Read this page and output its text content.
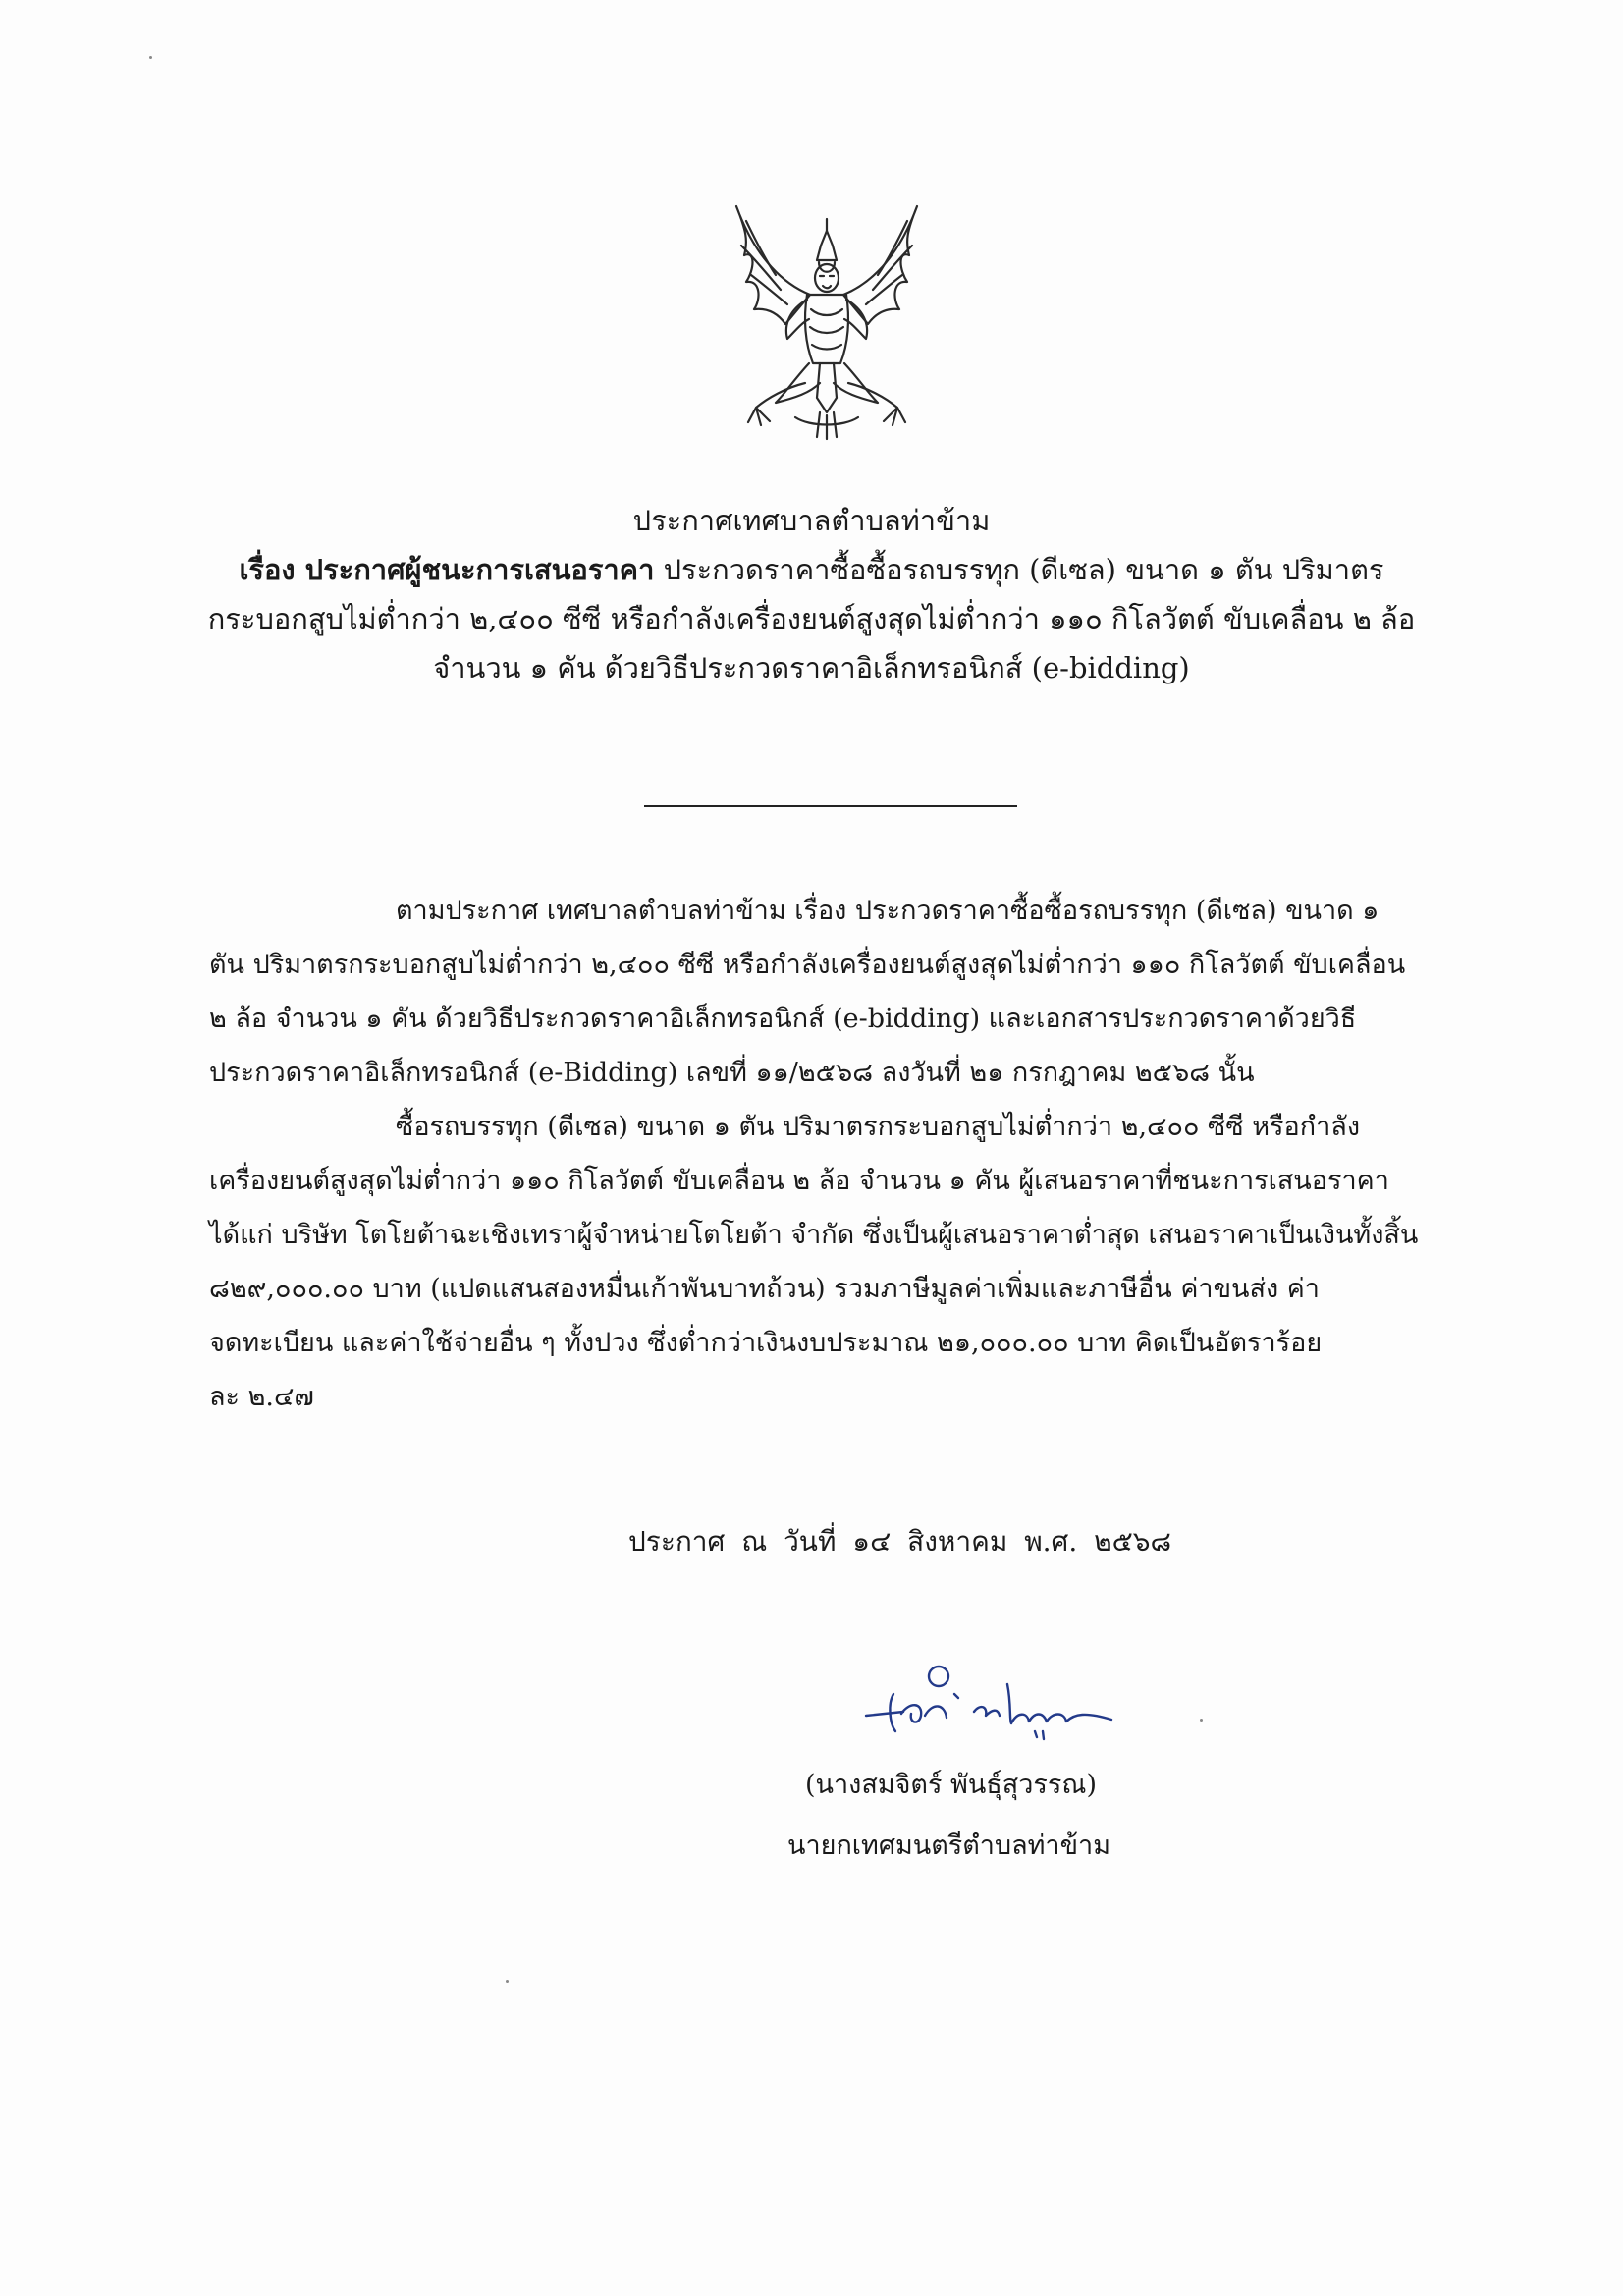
ประกาศเทศบาลตำบลท่าข้าม
เรื่อง ประกาศผู้ชนะการเสนอราคา ประกวดราคาซื้อซื้อรถบรรทุก (ดีเซล) ขนาด ๑ ตัน ปริมาตร
กระบอกสูบไม่ต่ำกว่า ๒,๔๐๐ ซีซี หรือกำลังเครื่องยนต์สูงสุดไม่ต่ำกว่า ๑๑๐ กิโลวัตต์ ขับเคลื่อน ๒ ล้อ
จำนวน ๑ คัน ด้วยวิธีประกวดราคาอิเล็กทรอนิกส์ (e-bidding)
ตามประกาศ เทศบาลตำบลท่าข้าม เรื่อง ประกวดราคาซื้อซื้อรถบรรทุก (ดีเซล) ขนาด ๑
ตัน ปริมาตรกระบอกสูบไม่ต่ำกว่า ๒,๔๐๐ ซีซี หรือกำลังเครื่องยนต์สูงสุดไม่ต่ำกว่า ๑๑๐ กิโลวัตต์ ขับเคลื่อน
๒ ล้อ จำนวน ๑ คัน ด้วยวิธีประกวดราคาอิเล็กทรอนิกส์ (e-bidding) และเอกสารประกวดราคาด้วยวิธี
ประกวดราคาอิเล็กทรอนิกส์ (e-Bidding) เลขที่ ๑๑/๒๕๖๘ ลงวันที่ ๒๑ กรกฎาคม ๒๕๖๘ นั้น
ซื้อรถบรรทุก (ดีเซล) ขนาด ๑ ตัน ปริมาตรกระบอกสูบไม่ต่ำกว่า ๒,๔๐๐ ซีซี หรือกำลัง
เครื่องยนต์สูงสุดไม่ต่ำกว่า ๑๑๐ กิโลวัตต์ ขับเคลื่อน ๒ ล้อ จำนวน ๑ คัน ผู้เสนอราคาที่ชนะการเสนอราคา
ได้แก่ บริษัท โตโยต้าฉะเชิงเทราผู้จำหน่ายโตโยต้า จำกัด ซึ่งเป็นผู้เสนอราคาต่ำสุด เสนอราคาเป็นเงินทั้งสิ้น
๘๒๙,๐๐๐.๐๐ บาท (แปดแสนสองหมื่นเก้าพันบาทถ้วน) รวมภาษีมูลค่าเพิ่มและภาษีอื่น ค่าขนส่ง ค่า
จดทะเบียน และค่าใช้จ่ายอื่น ๆ ทั้งปวง ซึ่งต่ำกว่าเงินงบประมาณ ๒๑,๐๐๐.๐๐ บาท คิดเป็นอัตราร้อย
ละ ๒.๔๗
ประกาศ ณ วันที่ ๑๔ สิงหาคม พ.ศ. ๒๕๖๘
(นางสมจิตร์ พันธุ์สุวรรณ)
นายกเทศมนตรีตำบลท่าข้าม
